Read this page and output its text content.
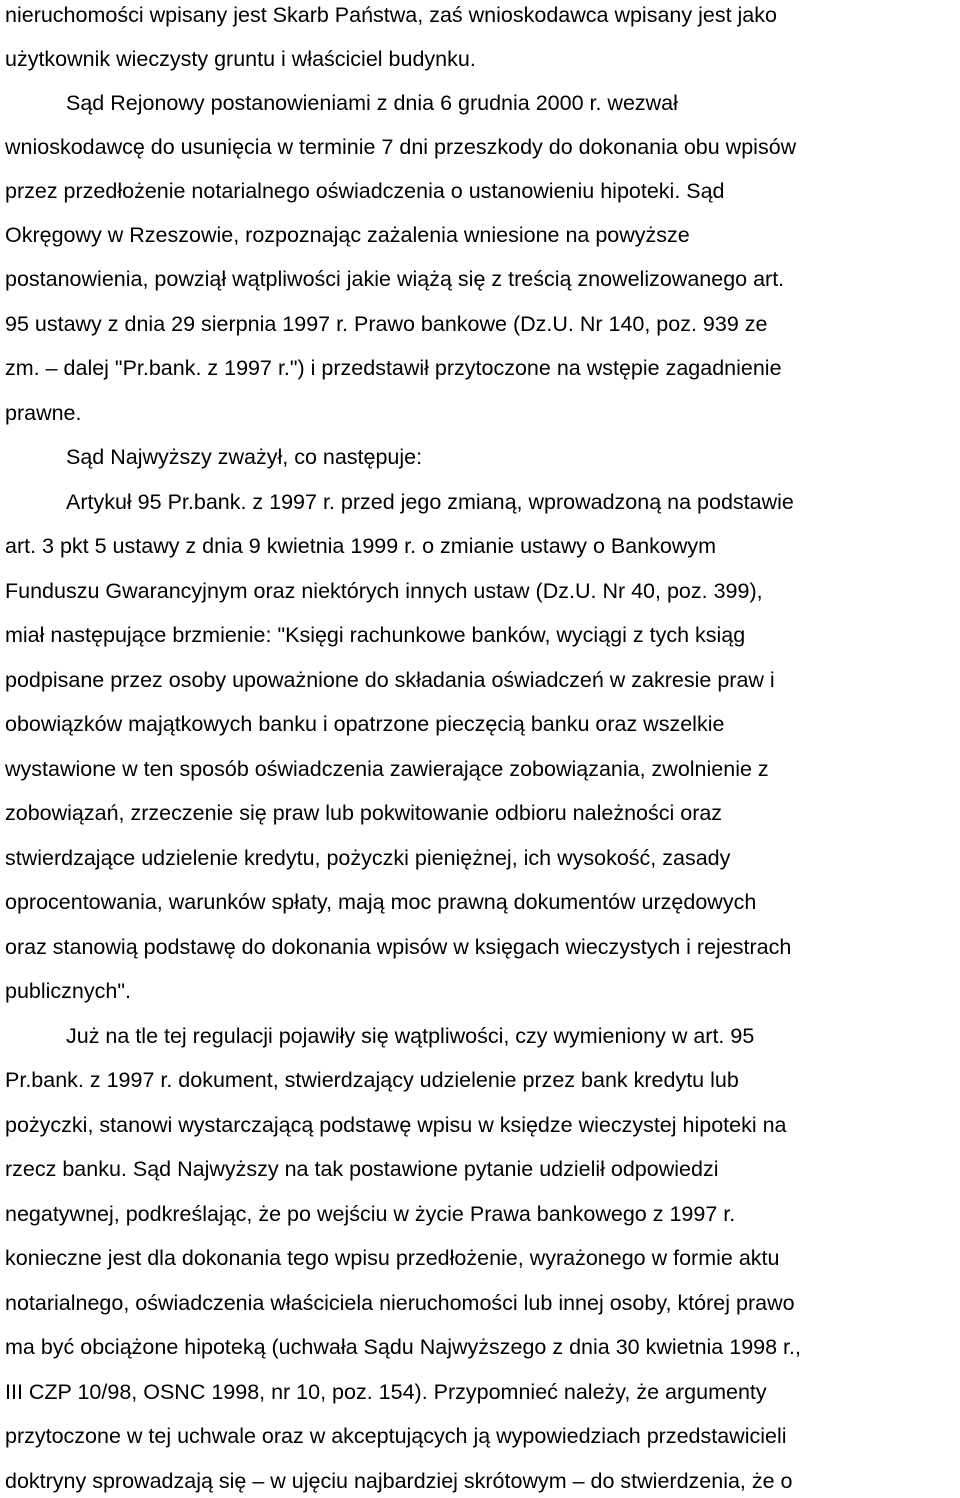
nieruchomości wpisany jest Skarb Państwa, zaś wnioskodawca wpisany jest jako
użytkownik wieczysty gruntu i właściciel budynku.
Sąd Rejonowy postanowieniami z dnia 6 grudnia 2000 r. wezwał
wnioskodawcę do usunięcia w terminie 7 dni przeszkody do dokonania obu wpisów
przez przedłożenie notarialnego oświadczenia o ustanowieniu hipoteki. Sąd
Okręgowy w Rzeszowie, rozpoznając zażalenia wniesione na powyższe
postanowienia, powziął wątpliwości jakie wiążą się z treścią znowelizowanego art.
95 ustawy z dnia 29 sierpnia 1997 r. Prawo bankowe (Dz.U. Nr 140, poz. 939 ze
zm. – dalej "Pr.bank. z 1997 r.") i przedstawił przytoczone na wstępie zagadnienie
prawne.
Sąd Najwyższy zważył, co następuje:
Artykuł 95 Pr.bank. z 1997 r. przed jego zmianą, wprowadzoną na podstawie
art. 3 pkt 5 ustawy z dnia 9 kwietnia 1999 r. o zmianie ustawy o Bankowym
Funduszu Gwarancyjnym oraz niektórych innych ustaw (Dz.U. Nr 40, poz. 399),
miał następujące brzmienie: "Księgi rachunkowe banków, wyciągi z tych ksiąg
podpisane przez osoby upoważnione do składania oświadczeń w zakresie praw i
obowiązków majątkowych banku i opatrzone pieczęcią banku oraz wszelkie
wystawione w ten sposób oświadczenia zawierające zobowiązania, zwolnienie z
zobowiązań, zrzeczenie się praw lub pokwitowanie odbioru należności oraz
stwierdzające udzielenie kredytu, pożyczki pieniężnej, ich wysokość, zasady
oprocentowania, warunków spłaty, mają moc prawną dokumentów urzędowych
oraz stanowią podstawę do dokonania wpisów w księgach wieczystych i rejestrach
publicznych".
Już na tle tej regulacji pojawiły się wątpliwości, czy wymieniony w art. 95
Pr.bank. z 1997 r. dokument, stwierdzający udzielenie przez bank kredytu lub
pożyczki, stanowi wystarczającą podstawę wpisu w księdze wieczystej hipoteki na
rzecz banku. Sąd Najwyższy na tak postawione pytanie udzielił odpowiedzi
negatywnej, podkreślając, że po wejściu w życie Prawa bankowego z 1997 r.
konieczne jest dla dokonania tego wpisu przedłożenie, wyrażonego w formie aktu
notarialnego, oświadczenia właściciela nieruchomości lub innej osoby, której prawo
ma być obciążone hipoteką (uchwała Sądu Najwyższego z dnia 30 kwietnia 1998 r.,
III CZP 10/98, OSNC 1998, nr 10, poz. 154). Przypomnieć należy, że argumenty
przytoczone w tej uchwale oraz w akceptujących ją wypowiedziach przedstawicieli
doktryny sprowadzają się – w ujęciu najbardziej skrótowym – do stwierdzenia, że o
